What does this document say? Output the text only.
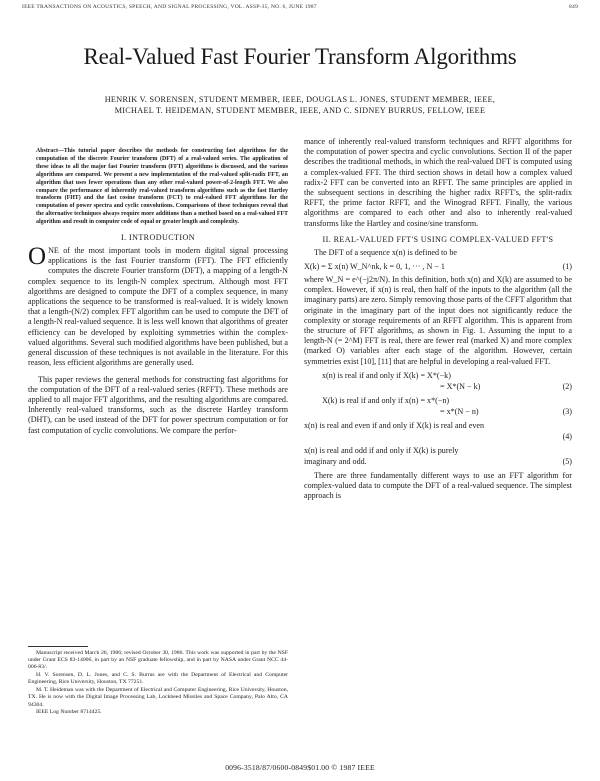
IEEE TRANSACTIONS ON ACOUSTICS, SPEECH, AND SIGNAL PROCESSING, VOL. ASSP-35, NO. 6, JUNE 1987	849
Real-Valued Fast Fourier Transform Algorithms
HENRIK V. SORENSEN, STUDENT MEMBER, IEEE, DOUGLAS L. JONES, STUDENT MEMBER, IEEE,
MICHAEL T. HEIDEMAN, STUDENT MEMBER, IEEE, AND C. SIDNEY BURRUS, FELLOW, IEEE

Abstract—This tutorial paper describes the methods for constructing fast algorithms for the computation of the discrete Fourier transform (DFT) of a real-valued series. The application of these ideas to all the major fast Fourier transform (FFT) algorithms is discussed, and the various algorithms are compared. We present a new implementation of the real-valued split-radix FFT, an algorithm that uses fewer operations than any other real-valued power-of-2-length FFT. We also compare the performance of inherently real-valued transform algorithms such as the fast Hartley transform (FHT) and the fast cosine transform (FCT) to real-valued FFT algorithms for the computation of power spectra and cyclic convolutions. Comparisons of these techniques reveal that the alternative techniques always require more additions than a method based on a real-valued FFT algorithm and result in computer code of equal or greater length and complexity.

I. INTRODUCTION

ONE of the most important tools in modern digital signal processing applications is the fast Fourier transform (FFT). The FFT efficiently computes the discrete Fourier transform (DFT), a mapping of a length-N complex sequence to its length-N complex spectrum. Although most FFT algorithms are designed to compute the DFT of a complex sequence, in many applications the sequence to be transformed is real-valued. It is widely known that a length-(N/2) complex FFT algorithm can be used to compute the DFT of a length-N real-valued sequence. It is less well known that algorithms of greater efficiency can be developed by exploiting symmetries within the complex-valued algorithms. Several such modified algorithms have been published, but a general discussion of these techniques is not available in the literature. For this reason, less efficient algorithms are generally used.

This paper reviews the general methods for constructing fast algorithms for the computation of the DFT of a real-valued series (RFFT). These methods are applied to all major FFT algorithms, and the resulting algorithms are compared. Inherently real-valued transforms, such as the discrete Hartley transform (DHT), can be used instead of the DFT for power spectrum computation or for fast computation of cyclic convolutions. We compare the perfor-

Manuscript received March 26, 1986; revised October 30, 1986. This work was supported in part by the NSF under Grant ECS 83-14006, in part by an NSF graduate fellowship, and in part by NASA under Grant NCC 44-006-83/.

H. V. Sorensen, D. L. Jones, and C. S. Burrus are with the Department of Electrical and Computer Engineering, Rice University, Houston, TX 77251.

M. T. Heideman was with the Department of Electrical and Computer Engineering, Rice University, Houston, TX. He is now with the Digital Image Processing Lab, Lockheed Missiles and Space Company, Palo Alto, CA 94304.

IEEE Log Number 8714425.

mance of inherently real-valued transform techniques and RFFT algorithms for the computation of power spectra and cyclic convolutions. Section II of the paper describes the traditional methods, in which the real-valued DFT is computed using a complex-valued FFT. The third section shows in detail how a complex valued radix-2 FFT can be converted into an RFFT. The same principles are applied in the subsequent sections in describing the higher radix RFFT's, the split-radix RFFT, the prime factor RFFT, and the Winograd RFFT. Finally, the various algorithms are compared to each other and also to inherently real-valued transforms like the Hartley and cosine/sine transform.

II. REAL-VALUED FFT'S USING COMPLEX-VALUED FFT'S

The DFT of a sequence x(n) is defined to be

X(k) = Σ x(n) W_N^nk, k = 0, 1, ··· , N − 1	(1)

where W_N = e^(−j2π/N). In this definition, both x(n) and X(k) are assumed to be complex. However, if x(n) is real, then half of the inputs to the algorithm (all the imaginary parts) are zero. Simply removing those parts of the CFFT algorithm that originate in the imaginary part of the input does not significantly reduce the complexity or storage requirements of an RFFT algorithm. This is apparent from the structure of FFT algorithms, as shown in Fig. 1. Assuming the input to a length-N (= 2^M) FFT is real, there are fewer real (marked X) and more complex (marked O) variables after each stage of the algorithm. However, certain symmetries exist [10], [11] that are helpful in developing a real-valued FFT.

x(n) is real if and only if X(k) = X*(−k)
= X*(N − k)	(2)
X(k) is real if and only if x(n) = x*(−n)
= x*(N − n)	(3)
x(n) is real and even if and only if X(k) is real and even
(4)
x(n) is real and odd if and only if X(k) is purely
imaginary and odd.	(5)

There are three fundamentally different ways to use an FFT algorithm for complex-valued data to compute the DFT of a real-valued sequence. The simplest approach is

0096-3518/87/0600-0849$01.00 © 1987 IEEE
